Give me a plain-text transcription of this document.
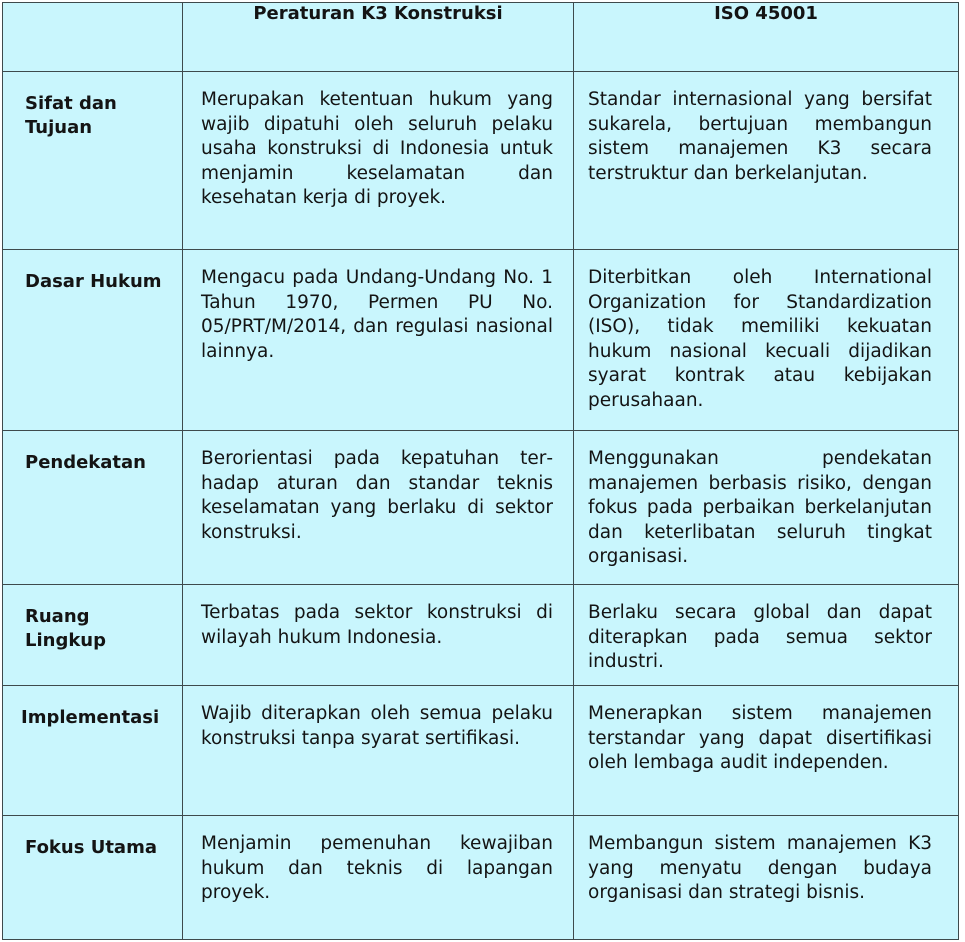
	Peraturan K3 Konstruksi	ISO 45001
Sifat dan Tujuan	Merupakan ketentuan hukum yang wajib dipatuhi oleh seluruh pelaku usaha konstruksi di Indonesia untuk menjamin keselamatan dan kesehatan kerja di proyek.	Standar internasional yang bersifat sukarela, bertujuan membangun sistem manajemen K3 secara terstruktur dan berkelanjutan.
Dasar Hukum	Mengacu pada Undang-Undang No. 1 Tahun 1970, Permen PU No. 05/PRT/M/2014, dan regulasi nasional lainnya.	Diterbitkan oleh International Organization for Standardization (ISO), tidak memiliki kekuatan hukum nasional kecuali dijadikan syarat kontrak atau kebijakan perusahaan.
Pendekatan	Berorientasi pada kepatuhan terhadap aturan dan standar teknis keselamatan yang berlaku di sektor konstruksi.	Menggunakan pendekatan manajemen berbasis risiko, dengan fokus pada perbaikan berkelanjutan dan keterlibatan seluruh tingkat organisasi.
Ruang Lingkup	Terbatas pada sektor konstruksi di wilayah hukum Indonesia.	Berlaku secara global dan dapat diterapkan pada semua sektor industri.
Implementasi	Wajib diterapkan oleh semua pelaku konstruksi tanpa syarat sertifikasi.	Menerapkan sistem manajemen terstandar yang dapat disertifikasi oleh lembaga audit independen.
Fokus Utama	Menjamin pemenuhan kewajiban hukum dan teknis di lapangan proyek.	Membangun sistem manajemen K3 yang menyatu dengan budaya organisasi dan strategi bisnis.
